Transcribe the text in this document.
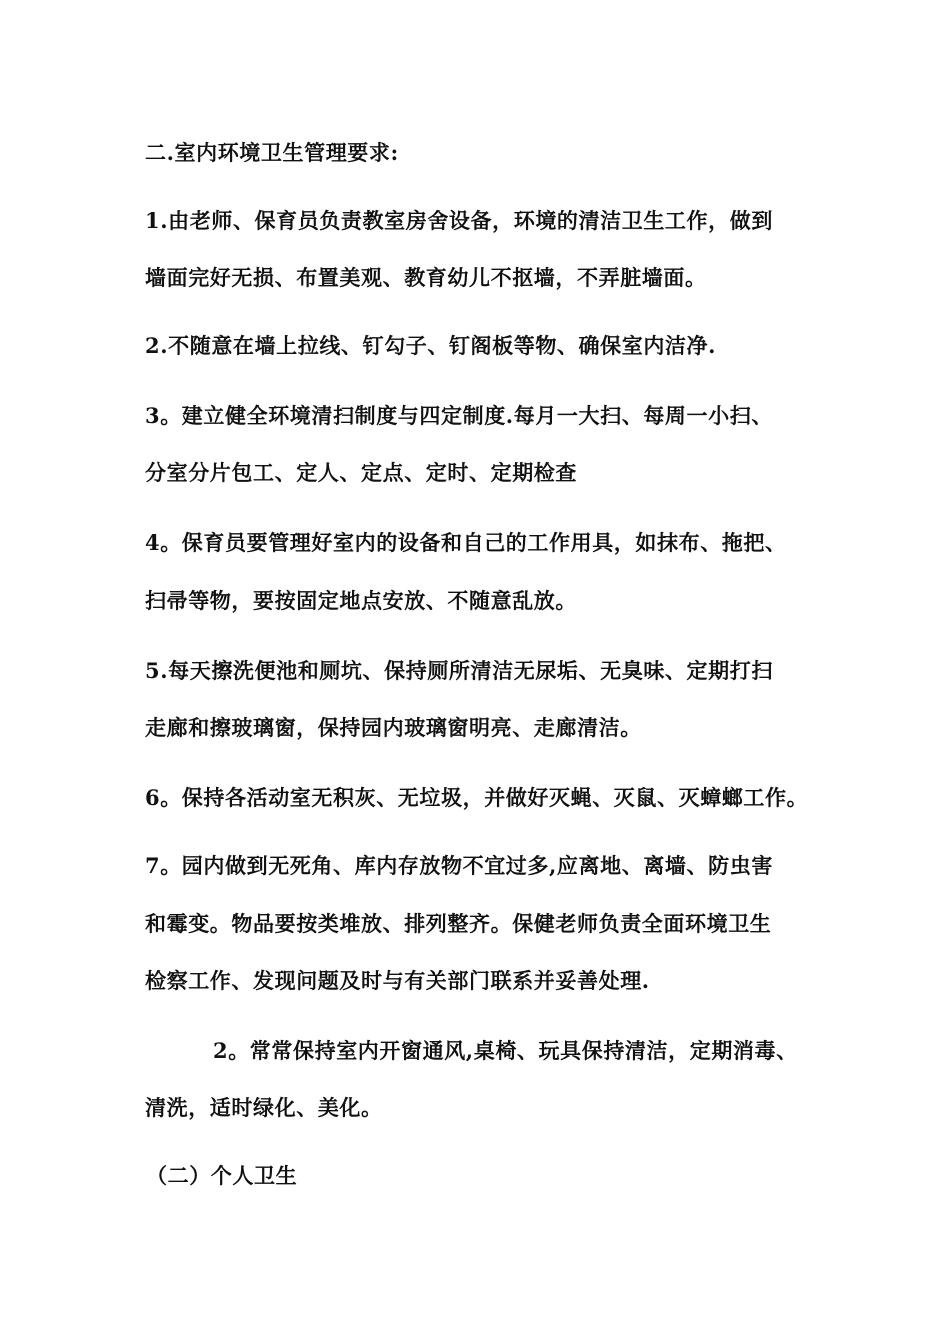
二.室内环境卫生管理要求:
1.由老师、保育员负责教室房舍设备，环境的清洁卫生工作，做到
墙面完好无损、布置美观、教育幼儿不抠墙，不弄脏墙面。
2.不随意在墙上拉线、钉勾子、钉阁板等物、确保室内洁净.
3。建立健全环境清扫制度与四定制度.每月一大扫、每周一小扫、
分室分片包工、定人、定点、定时、定期检查
4。保育员要管理好室内的设备和自己的工作用具，如抹布、拖把、
扫帚等物，要按固定地点安放、不随意乱放。
5.每天擦洗便池和厕坑、保持厕所清洁无尿垢、无臭味、定期打扫
走廊和擦玻璃窗，保持园内玻璃窗明亮、走廊清洁。
6。保持各活动室无积灰、无垃圾，并做好灭蝇、灭鼠、灭蟑螂工作。
7。园内做到无死角、库内存放物不宜过多,应离地、离墙、防虫害
和霉变。物品要按类堆放、排列整齐。保健老师负责全面环境卫生
检察工作、发现问题及时与有关部门联系并妥善处理.
2。常常保持室内开窗通风,桌椅、玩具保持清洁，定期消毒、
清洗，适时绿化、美化。
（二）个人卫生
